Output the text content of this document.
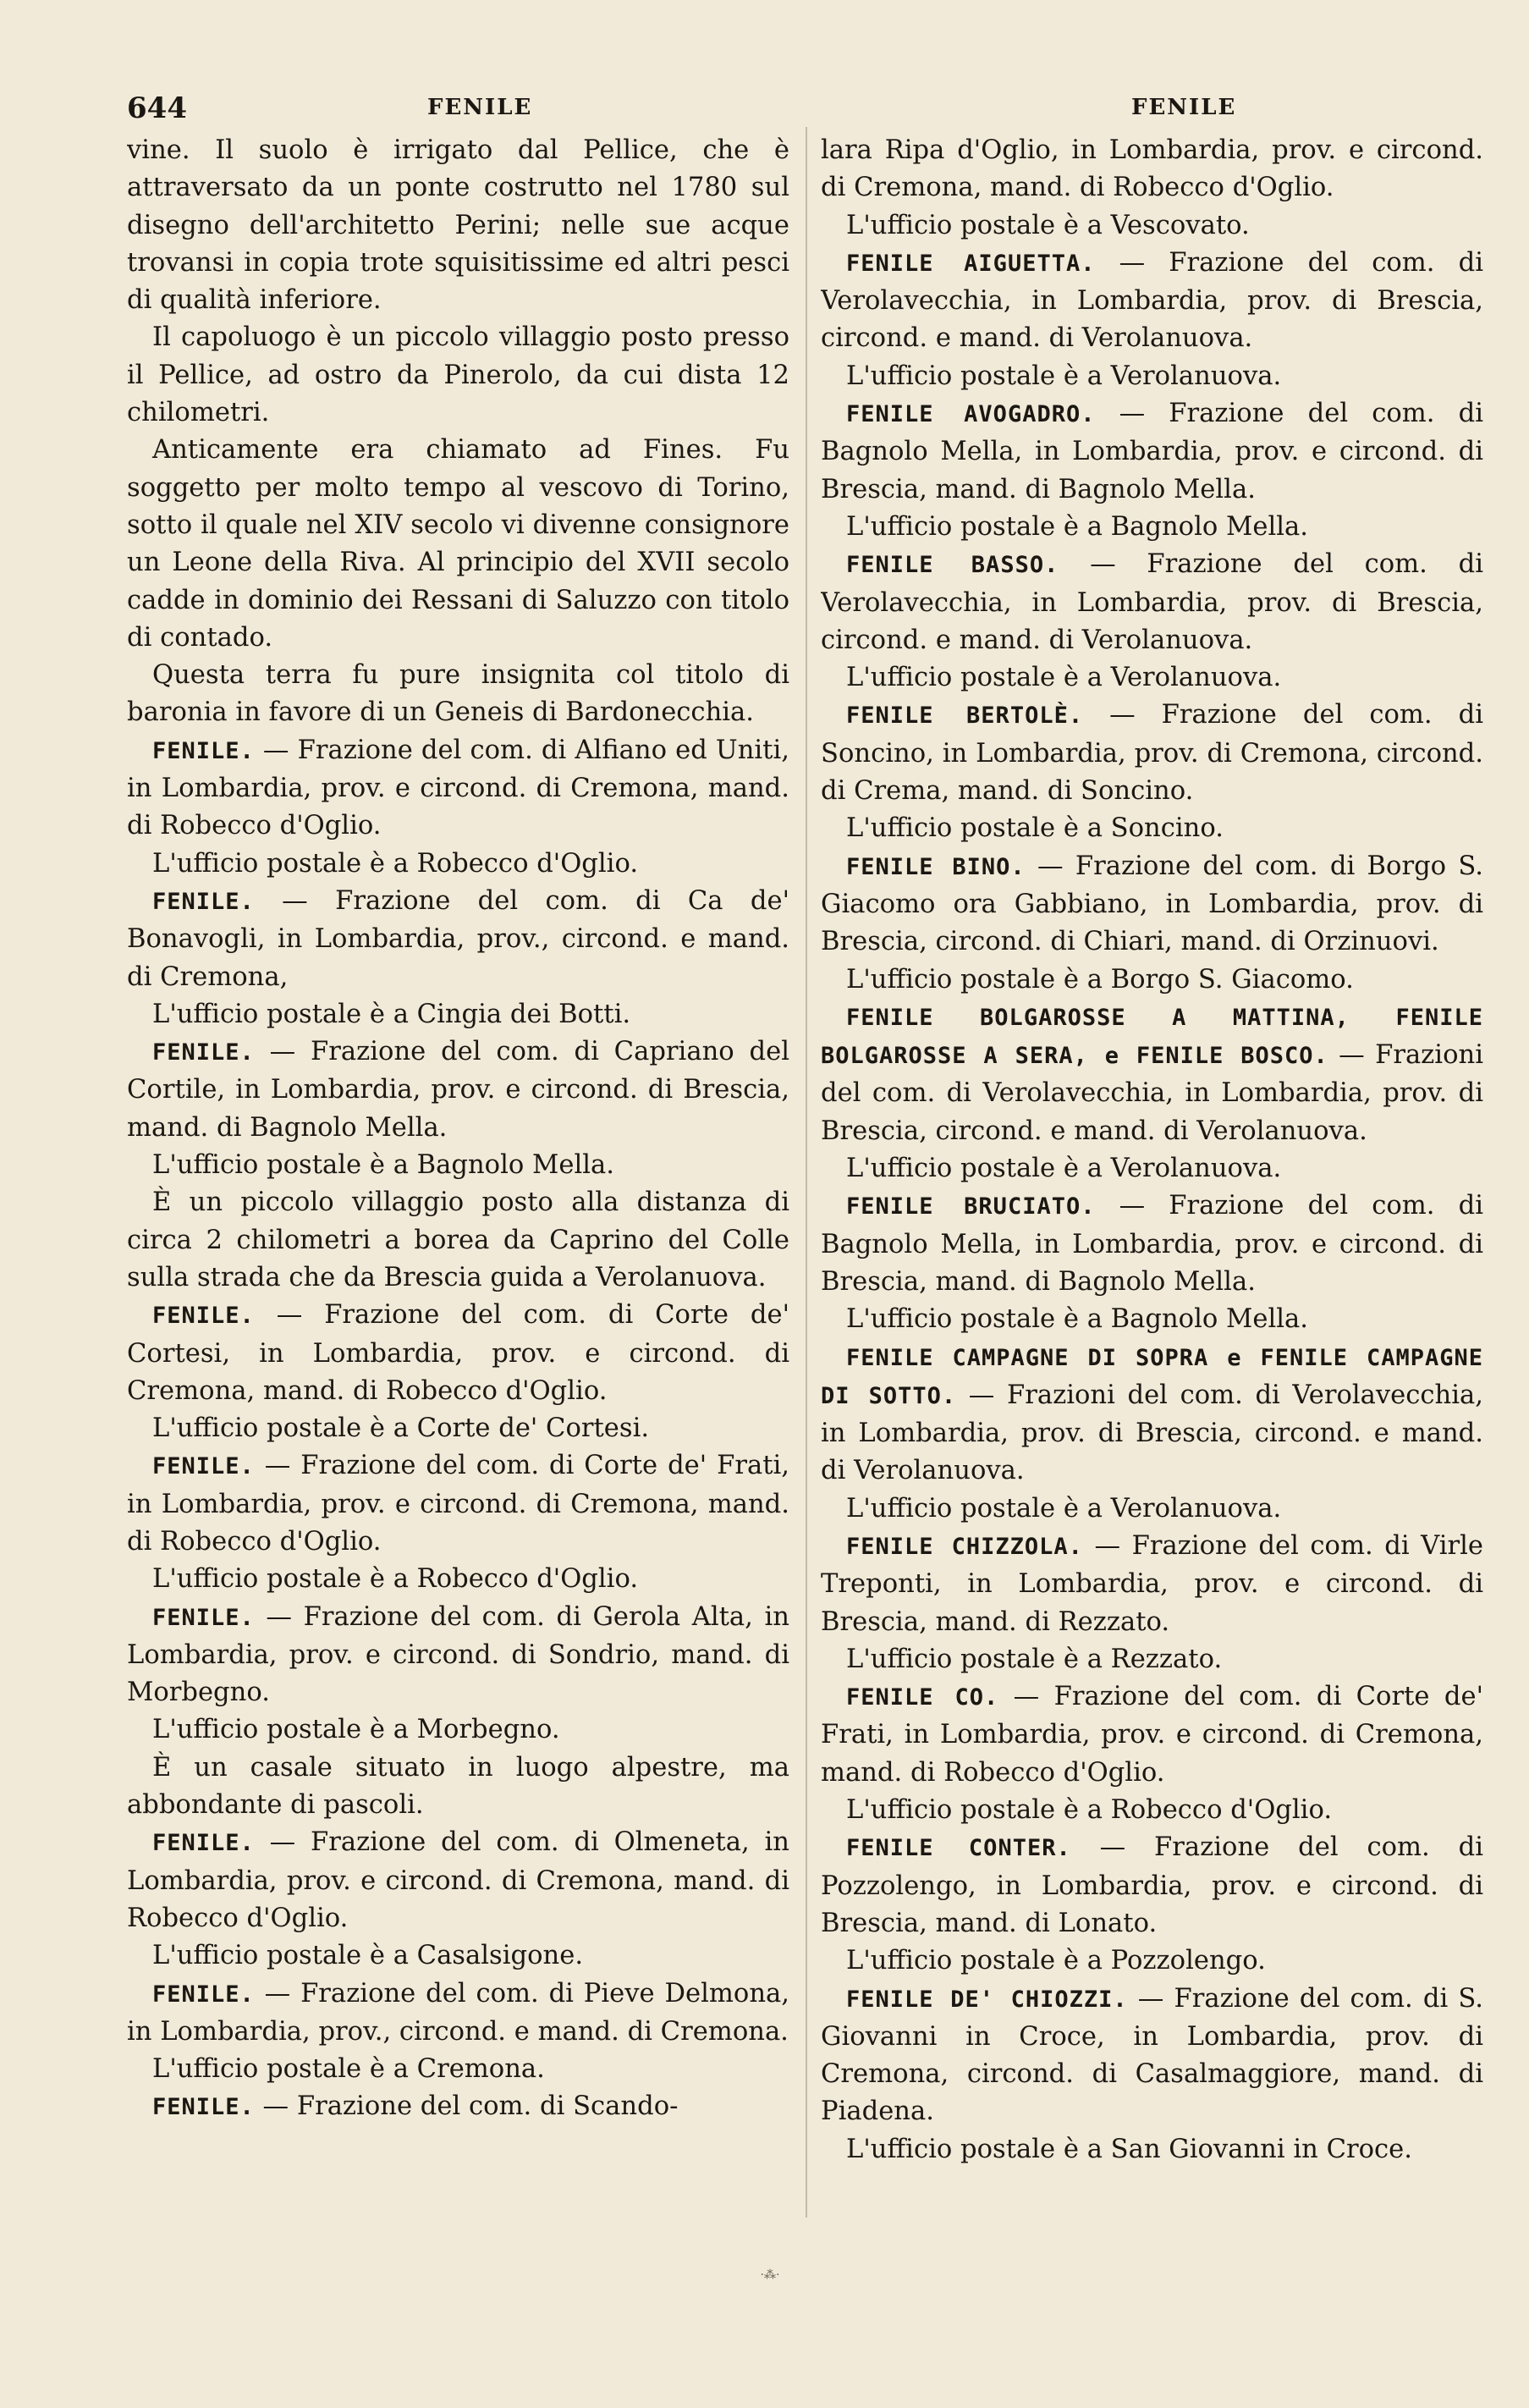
644	FENILE	FENILE

vine. Il suolo è irrigato dal Pellice, che è attraversato da un ponte costrutto nel 1780 sul disegno dell'architetto Perini; nelle sue acque trovansi in copia trote squisitissime ed altri pesci di qualità inferiore.

Il capoluogo è un piccolo villaggio posto presso il Pellice, ad ostro da Pinerolo, da cui dista 12 chilometri.

Anticamente era chiamato ad Fines. Fu soggetto per molto tempo al vescovo di Torino, sotto il quale nel XIV secolo vi divenne consignore un Leone della Riva. Al principio del XVII secolo cadde in dominio dei Ressani di Saluzzo con titolo di contado.

Questa terra fu pure insignita col titolo di baronia in favore di un Geneis di Bardonecchia.

FENILE. — Frazione del com. di Alfiano ed Uniti, in Lombardia, prov. e circond. di Cremona, mand. di Robecco d'Oglio.

L'ufficio postale è a Robecco d'Oglio.

FENILE. — Frazione del com. di Ca de' Bonavogli, in Lombardia, prov., circond. e mand. di Cremona,

L'ufficio postale è a Cingia dei Botti.

FENILE. — Frazione del com. di Capriano del Cortile, in Lombardia, prov. e circond. di Brescia, mand. di Bagnolo Mella.

L'ufficio postale è a Bagnolo Mella.

È un piccolo villaggio posto alla distanza di circa 2 chilometri a borea da Caprino del Colle sulla strada che da Brescia guida a Verolanuova.

FENILE. — Frazione del com. di Corte de' Cortesi, in Lombardia, prov. e circond. di Cremona, mand. di Robecco d'Oglio.

L'ufficio postale è a Corte de' Cortesi.

FENILE. — Frazione del com. di Corte de' Frati, in Lombardia, prov. e circond. di Cremona, mand. di Robecco d'Oglio.

L'ufficio postale è a Robecco d'Oglio.

FENILE. — Frazione del com. di Gerola Alta, in Lombardia, prov. e circond. di Sondrio, mand. di Morbegno.

L'ufficio postale è a Morbegno.

È un casale situato in luogo alpestre, ma abbondante di pascoli.

FENILE. — Frazione del com. di Olmeneta, in Lombardia, prov. e circond. di Cremona, mand. di Robecco d'Oglio.

L'ufficio postale è a Casalsigone.

FENILE. — Frazione del com. di Pieve Delmona, in Lombardia, prov., circond. e mand. di Cremona.

L'ufficio postale è a Cremona.

FENILE. — Frazione del com. di Scando-

lara Ripa d'Oglio, in Lombardia, prov. e circond. di Cremona, mand. di Robecco d'Oglio.

L'ufficio postale è a Vescovato.

FENILE AIGUETTA. — Frazione del com. di Verolavecchia, in Lombardia, prov. di Brescia, circond. e mand. di Verolanuova.

L'ufficio postale è a Verolanuova.

FENILE AVOGADRO. — Frazione del com. di Bagnolo Mella, in Lombardia, prov. e circond. di Brescia, mand. di Bagnolo Mella.

L'ufficio postale è a Bagnolo Mella.

FENILE BASSO. — Frazione del com. di Verolavecchia, in Lombardia, prov. di Brescia, circond. e mand. di Verolanuova.

L'ufficio postale è a Verolanuova.

FENILE BERTOLÈ. — Frazione del com. di Soncino, in Lombardia, prov. di Cremona, circond. di Crema, mand. di Soncino.

L'ufficio postale è a Soncino.

FENILE BINO. — Frazione del com. di Borgo S. Giacomo ora Gabbiano, in Lombardia, prov. di Brescia, circond. di Chiari, mand. di Orzinuovi.

L'ufficio postale è a Borgo S. Giacomo.

FENILE BOLGAROSSE A MATTINA, FENILE BOLGAROSSE A SERA, e FENILE BOSCO. — Frazioni del com. di Verolavecchia, in Lombardia, prov. di Brescia, circond. e mand. di Verolanuova.

L'ufficio postale è a Verolanuova.

FENILE BRUCIATO. — Frazione del com. di Bagnolo Mella, in Lombardia, prov. e circond. di Brescia, mand. di Bagnolo Mella.

L'ufficio postale è a Bagnolo Mella.

FENILE CAMPAGNE DI SOPRA e FENILE CAMPAGNE DI SOTTO. — Frazioni del com. di Verolavecchia, in Lombardia, prov. di Brescia, circond. e mand. di Verolanuova.

L'ufficio postale è a Verolanuova.

FENILE CHIZZOLA. — Frazione del com. di Virle Treponti, in Lombardia, prov. e circond. di Brescia, mand. di Rezzato.

L'ufficio postale è a Rezzato.

FENILE CO. — Frazione del com. di Corte de' Frati, in Lombardia, prov. e circond. di Cremona, mand. di Robecco d'Oglio.

L'ufficio postale è a Robecco d'Oglio.

FENILE CONTER. — Frazione del com. di Pozzolengo, in Lombardia, prov. e circond. di Brescia, mand. di Lonato.

L'ufficio postale è a Pozzolengo.

FENILE DE' CHIOZZI. — Frazione del com. di S. Giovanni in Croce, in Lombardia, prov. di Cremona, circond. di Casalmaggiore, mand. di Piadena.

L'ufficio postale è a San Giovanni in Croce.

·⁂·
